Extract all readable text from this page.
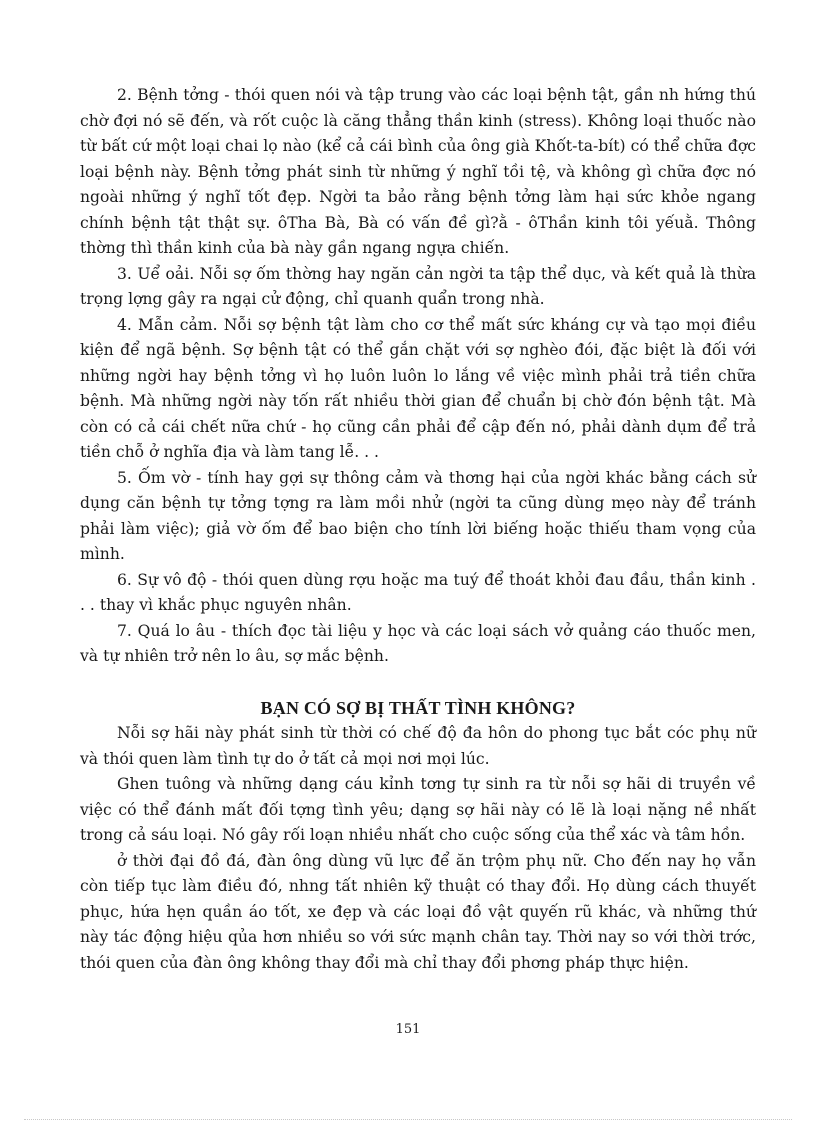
2. Bệnh tởng - thói quen nói và tập trung vào các loại bệnh tật, gần nh hứng thú chờ đợi nó sẽ đến, và rốt cuộc là căng thẳng thần kinh (stress). Không loại thuốc nào từ bất cứ một loại chai lọ nào (kể cả cái bình của ông già Khốt-ta-bít) có thể chữa đợc loại bệnh này. Bệnh tởng phát sinh từ những ý nghĩ tồi tệ, và không gì chữa đợc nó ngoài những ý nghĩ tốt đẹp. Ngời ta bảo rằng bệnh tởng làm hại sức khỏe ngang chính bệnh tật thật sự. ôTha Bà, Bà có vấn đề gì?ằ - ôThần kinh tôi yếuằ. Thông thờng thì thần kinh của bà này gần ngang ngựa chiến.

3. Uể oải. Nỗi sợ ốm thờng hay ngăn cản ngời ta tập thể dục, và kết quả là thừa trọng lợng gây ra ngại cử động, chỉ quanh quẩn trong nhà.

4. Mẫn cảm. Nỗi sợ bệnh tật làm cho cơ thể mất sức kháng cự và tạo mọi điều kiện để ngã bệnh. Sợ bệnh tật có thể gắn chặt với sợ nghèo đói, đặc biệt là đối với những ngời hay bệnh tởng vì họ luôn luôn lo lắng về việc mình phải trả tiền chữa bệnh. Mà những ngời này tốn rất nhiều thời gian để chuẩn bị chờ đón bệnh tật. Mà còn có cả cái chết nữa chứ - họ cũng cần phải để cập đến nó, phải dành dụm để trả tiền chỗ ở nghĩa địa và làm tang lễ. . .

5. Ốm vờ - tính hay gợi sự thông cảm và thơng hại của ngời khác bằng cách sử dụng căn bệnh tự tởng tợng ra làm mồi nhử (ngời ta cũng dùng mẹo này để tránh phải làm việc); giả vờ ốm để bao biện cho tính lời biếng hoặc thiếu tham vọng của mình.

6. Sự vô độ - thói quen dùng rợu hoặc ma tuý để thoát khỏi đau đầu, thần kinh . . . thay vì khắc phục nguyên nhân.

7. Quá lo âu - thích đọc tài liệu y học và các loại sách vở quảng cáo thuốc men, và tự nhiên trở nên lo âu, sợ mắc bệnh.

BẠN CÓ SỢ BỊ THẤT TÌNH KHÔNG?

Nỗi sợ hãi này phát sinh từ thời có chế độ đa hôn do phong tục bắt cóc phụ nữ và thói quen làm tình tự do ở tất cả mọi nơi mọi lúc.

Ghen tuông và những dạng cáu kỉnh tơng tự sinh ra từ nỗi sợ hãi di truyền về việc có thể đánh mất đối tợng tình yêu; dạng sợ hãi này có lẽ là loại nặng nề nhất trong cả sáu loại. Nó gây rối loạn nhiều nhất cho cuộc sống của thể xác và tâm hồn.

ở thời đại đồ đá, đàn ông dùng vũ lực để ăn trộm phụ nữ. Cho đến nay họ vẫn còn tiếp tục làm điều đó, nhng tất nhiên kỹ thuật có thay đổi. Họ dùng cách thuyết phục, hứa hẹn quần áo tốt, xe đẹp và các loại đồ vật quyến rũ khác, và những thứ này tác động hiệu qủa hơn nhiều so với sức mạnh chân tay. Thời nay so với thời trớc, thói quen của đàn ông không thay đổi mà chỉ thay đổi phơng pháp thực hiện.

151
